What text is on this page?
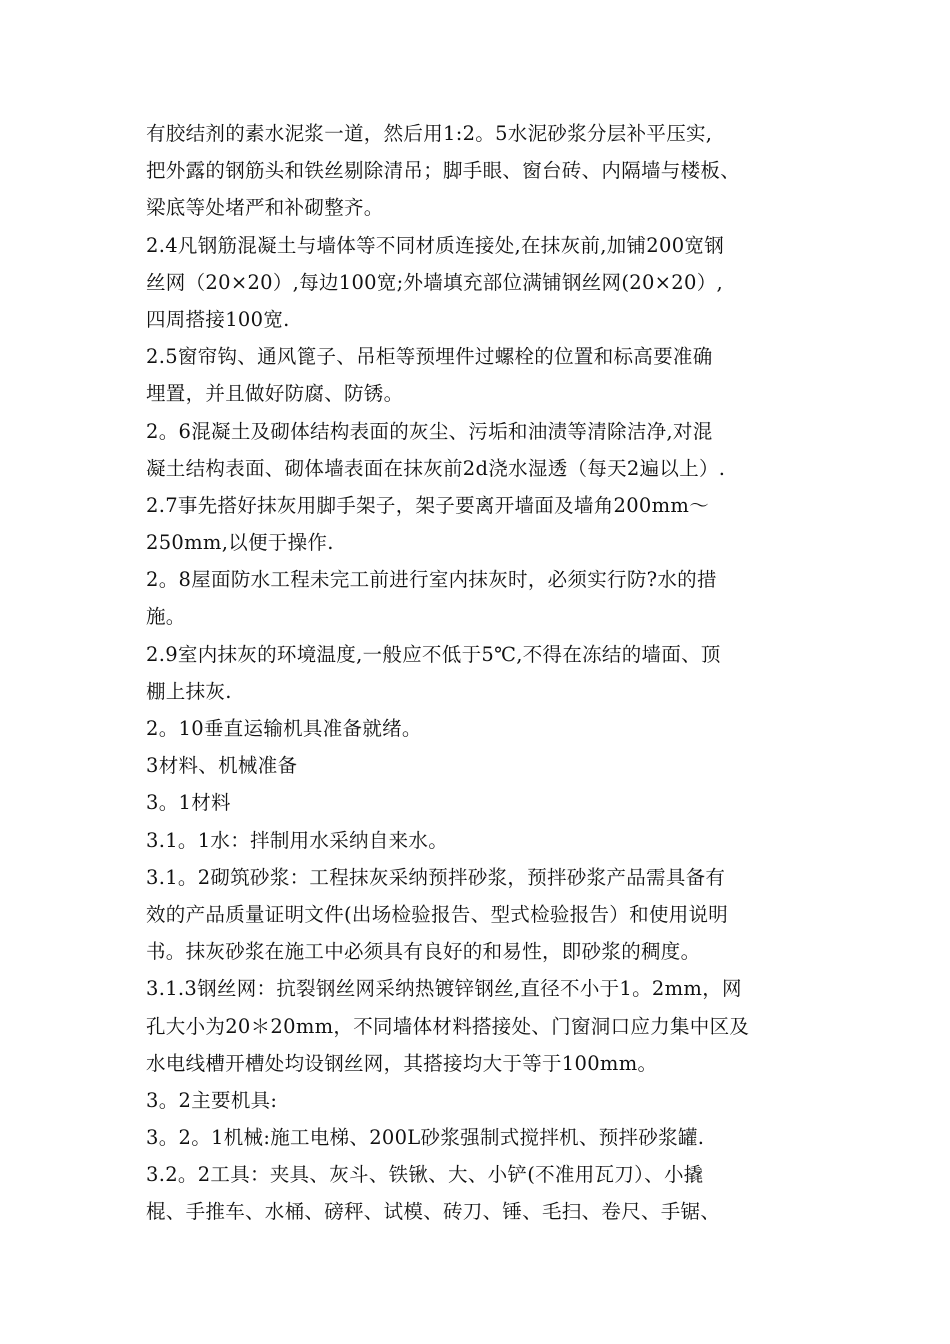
有胶结剂的素水泥浆一道，然后用1:2。5水泥砂浆分层补平压实,
把外露的钢筋头和铁丝剔除清吊；脚手眼、窗台砖、内隔墙与楼板、
梁底等处堵严和补砌整齐。
2.4凡钢筋混凝土与墙体等不同材质连接处,在抹灰前,加铺200宽钢
丝网（20×20）,每边100宽;外墙填充部位满铺钢丝网(20×20）,
四周搭接100宽.
2.5窗帘钩、通风篦子、吊柜等预埋件过螺栓的位置和标高要准确
埋置，并且做好防腐、防锈。
2。6混凝土及砌体结构表面的灰尘、污垢和油渍等清除洁净,对混
凝土结构表面、砌体墙表面在抹灰前2d浇水湿透（每天2遍以上）.
2.7事先搭好抹灰用脚手架子，架子要离开墙面及墙角200mm～
250mm,以便于操作.
2。8屋面防水工程未完工前进行室内抹灰时，必须实行防?水的措
施。
2.9室内抹灰的环境温度,一般应不低于5℃,不得在冻结的墙面、顶
棚上抹灰.
2。10垂直运输机具准备就绪。
3材料、机械准备
3。1材料
3.1。1水：拌制用水采纳自来水。
3.1。2砌筑砂浆：工程抹灰采纳预拌砂浆，预拌砂浆产品需具备有
效的产品质量证明文件(出场检验报告、型式检验报告）和使用说明
书。抹灰砂浆在施工中必须具有良好的和易性，即砂浆的稠度。
3.1.3钢丝网：抗裂钢丝网采纳热镀锌钢丝,直径不小于1。2mm，网
孔大小为20＊20mm，不同墙体材料搭接处、门窗洞口应力集中区及
水电线槽开槽处均设钢丝网，其搭接均大于等于100mm。
3。2主要机具:
3。2。1机械:施工电梯、200L砂浆强制式搅拌机、预拌砂浆罐.
3.2。2工具：夹具、灰斗、铁锹、大、小铲(不准用瓦刀）、小撬
棍、手推车、水桶、磅秤、试模、砖刀、锤、毛扫、卷尺、手锯、
